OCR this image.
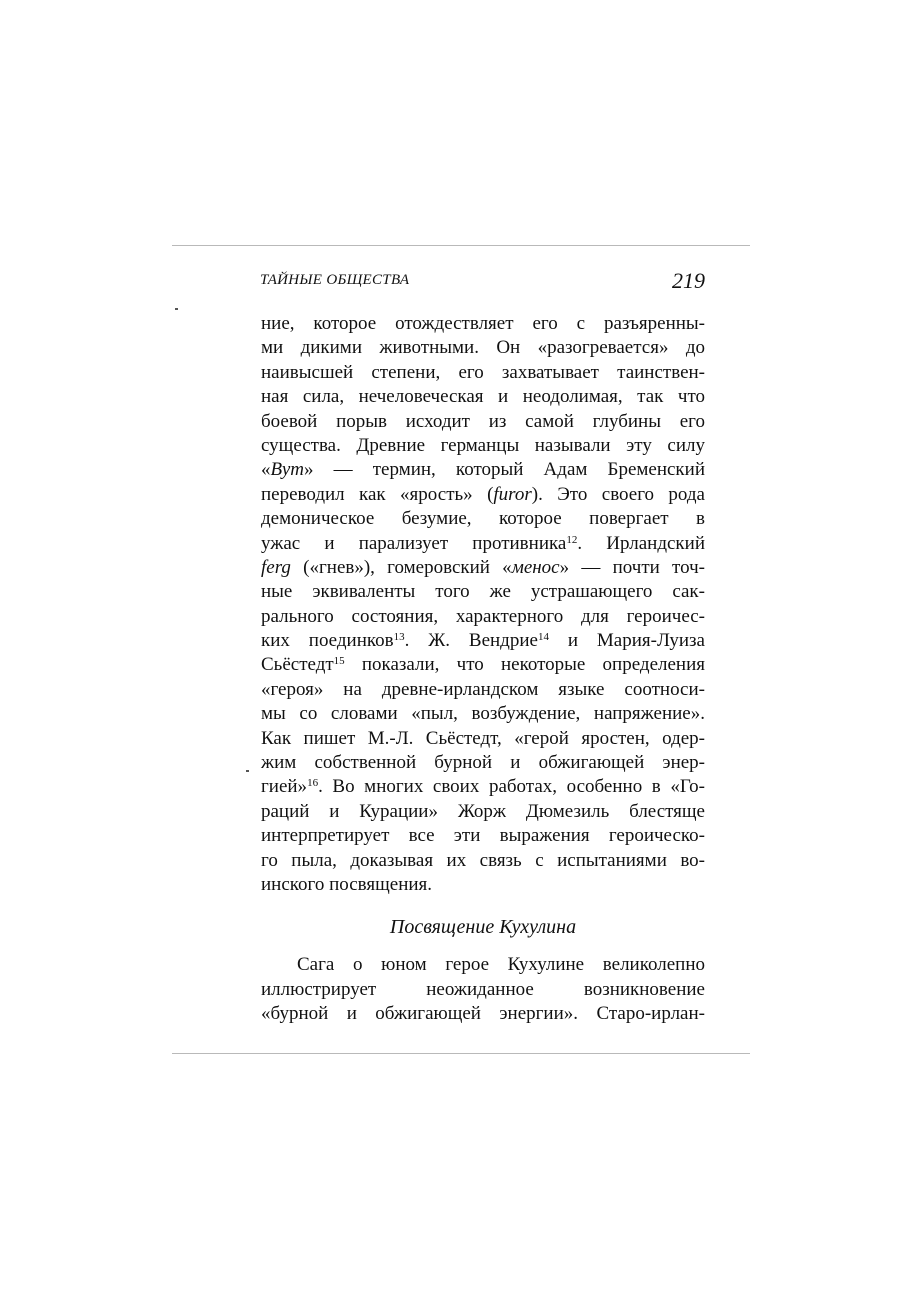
ТАЙНЫЕ ОБЩЕСТВА	219
ние, которое отождествляет его с разъяренны-
ми дикими животными. Он «разогревается» до
наивысшей степени, его захватывает таинствен-
ная сила, нечеловеческая и неодолимая, так что
боевой порыв исходит из самой глубины его
существа. Древние германцы называли эту силу
«Вут» — термин, который Адам Бременский
переводил как «ярость» (furor). Это своего рода
демоническое безумие, которое повергает в
ужас и парализует противника$^{12}$. Ирландский
ferg («гнев»), гомеровский «менос» — почти точ-
ные эквиваленты того же устрашающего сак-
рального состояния, характерного для героичес-
ких поединков$^{13}$. Ж. Вендрие$^{14}$ и Мария-Луиза
Сьёстедт$^{15}$ показали, что некоторые определения
«героя» на древне-ирландском языке соотноси-
мы со словами «пыл, возбуждение, напряжение».
Как пишет М.-Л. Сьёстедт, «герой яростен, одер-
жим собственной бурной и обжигающей энер-
гией»$^{16}$. Во многих своих работах, особенно в «Го-
раций и Курации» Жорж Дюмезиль блестяще
интерпретирует все эти выражения героическо-
го пыла, доказывая их связь с испытаниями во-
инского посвящения.
Посвящение Кухулина
Сага о юном герое Кухулине великолепно
иллюстрирует неожиданное возникновение
«бурной и обжигающей энергии». Старо-ирлан-
